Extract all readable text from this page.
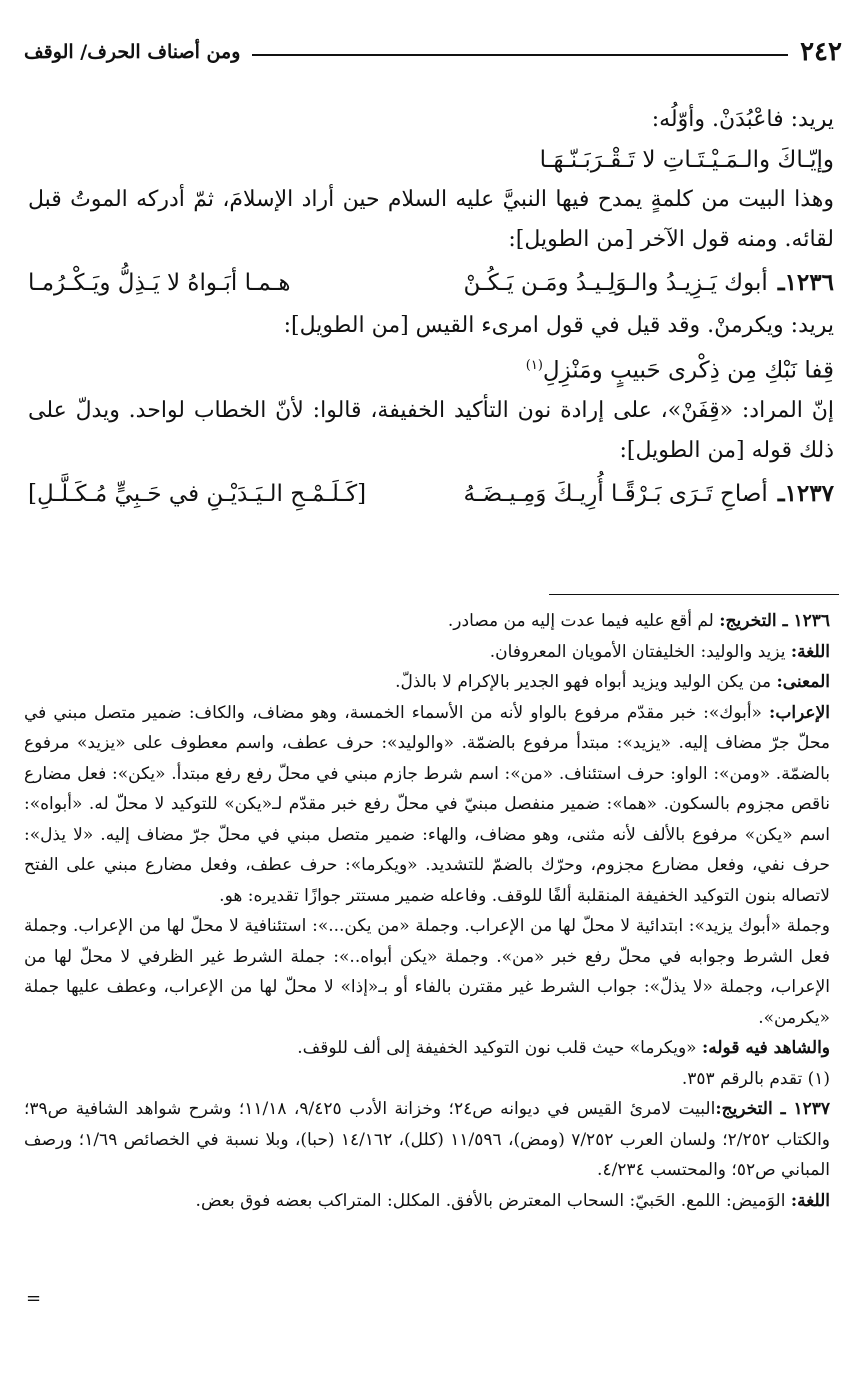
٢٤٢
ومن أصناف الحرف/ الوقف

يريد: فاعْبُدَنْ. وأوّلُه:

وإيّـاكَ والـمَـيْـتَـاتِ لا تَـقْـرَبَـنّـهَـا

وهذا البيت من كلمةٍ يمدح فيها النبيَّ عليه السلام حين أراد الإسلامَ، ثمّ أدركه الموتُ قبل لقائه. ومنه قول الآخر [من الطويل]:

١٢٣٦ـ
أبوك يَـزِيـدُ والـوَلِـيـدُ ومَـن يَـكُـنْ
هـمـا أبَـواهُ لا يَـذِلُّ ويَـكْـرُمـا

يريد: ويكرمنْ. وقد قيل في قول امرىء القيس [من الطويل]:

قِفا نَبْكِ مِن ذِكْرى حَبيبٍ ومَنْزِلِ$^{(١)}$

إنّ المراد: «قِفَنْ»، على إرادة نون التأكيد الخفيفة، قالوا: لأنّ الخطاب لواحد. ويدلّ على ذلك قوله [من الطويل]:

١٢٣٧ـ
أصاحِ تَـرَى بَـرْقًـا أُرِيـكَ وَمِـيـضَـهُ
[كَـلَـمْـحِ الـيَـدَيْـنِ في حَـبِيٍّ مُـكَـلَّـلِ]

١٢٣٦ ـ التخريج: لم أقع عليه فيما عدت إليه من مصادر.

اللغة: يزيد والوليد: الخليفتان الأمويان المعروفان.

المعنى: من يكن الوليد ويزيد أبواه فهو الجدير بالإكرام لا بالذلّ.

الإعراب: «أبوك»: خبر مقدّم مرفوع بالواو لأنه من الأسماء الخمسة، وهو مضاف، والكاف: ضمير متصل مبني في محلّ جرّ مضاف إليه. «يزيد»: مبتدأ مرفوع بالضمّة. «والوليد»: حرف عطف، واسم معطوف على «يزيد» مرفوع بالضمّة. «ومن»: الواو: حرف استئناف. «من»: اسم شرط جازم مبني في محلّ رفع رفع مبتدأ. «يكن»: فعل مضارع ناقص مجزوم بالسكون. «هما»: ضمير منفصل مبنيّ في محلّ رفع خبر مقدّم لـ«يكن» للتوكيد لا محلّ له. «أبواه»: اسم «يكن» مرفوع بالألف لأنه مثنى، وهو مضاف، والهاء: ضمير متصل مبني في محلّ جرّ مضاف إليه. «لا يذل»: حرف نفي، وفعل مضارع مجزوم، وحرّك بالضمّ للتشديد. «ويكرما»: حرف عطف، وفعل مضارع مبني على الفتح لاتصاله بنون التوكيد الخفيفة المنقلبة ألفًا للوقف. وفاعله ضمير مستتر جوازًا تقديره: هو.

وجملة «أبوك يزيد»: ابتدائية لا محلّ لها من الإعراب. وجملة «من يكن...»: استئنافية لا محلّ لها من الإعراب. وجملة فعل الشرط وجوابه في محلّ رفع خبر «من». وجملة «يكن أبواه..»: جملة الشرط غير الظرفي لا محلّ لها من الإعراب، وجملة «لا يذلّ»: جواب الشرط غير مقترن بالفاء أو بـ«إذا» لا محلّ لها من الإعراب، وعطف عليها جملة «يكرمن».

والشاهد فيه قوله: «ويكرما» حيث قلب نون التوكيد الخفيفة إلى ألف للوقف.

(١) تقدم بالرقم ٣٥٣.

١٢٣٧ ـ التخريج:البيت لامرئ القيس في ديوانه ص٢٤؛ وخزانة الأدب ٩/٤٢٥، ١١/١٨؛ وشرح شواهد الشافية ص٣٩؛ والكتاب ٢/٢٥٢؛ ولسان العرب ٧/٢٥٢ (ومض)، ١١/٥٩٦ (كلل)، ١٤/١٦٢ (حبا)، وبلا نسبة في الخصائص ١/٦٩؛ ورصف المباني ص٥٢؛ والمحتسب ٤/٢٣٤.

اللغة: الوَميض: اللمع. الحَبيّ: السحاب المعترض بالأفق. المكلل: المتراكب بعضه فوق بعض.

=
